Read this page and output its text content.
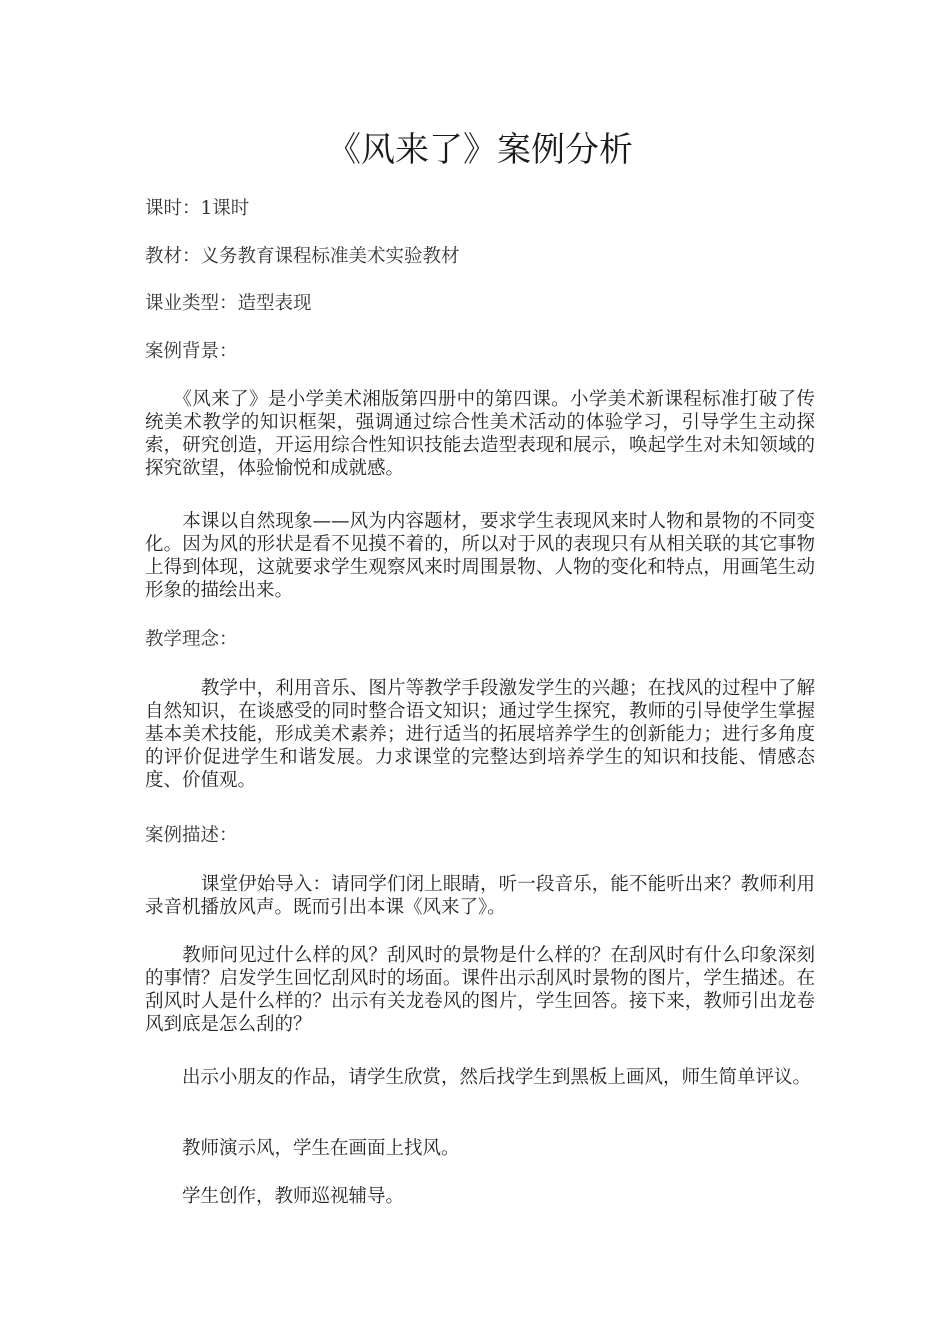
《风来了》案例分析
课时：1课时
教材：义务教育课程标准美术实验教材
课业类型：造型表现
案例背景：
　　《风来了》是小学美术湘版第四册中的第四课。小学美术新课程标准打破了传统美术教学的知识框架，强调通过综合性美术活动的体验学习，引导学生主动探索，研究创造，开运用综合性知识技能去造型表现和展示，唤起学生对未知领域的探究欲望，体验愉悦和成就感。
　　本课以自然现象——风为内容题材，要求学生表现风来时人物和景物的不同变化。因为风的形状是看不见摸不着的，所以对于风的表现只有从相关联的其它事物上得到体现，这就要求学生观察风来时周围景物、人物的变化和特点，用画笔生动形象的描绘出来。
教学理念：
　　　教学中，利用音乐、图片等教学手段激发学生的兴趣；在找风的过程中了解自然知识，在谈感受的同时整合语文知识；通过学生探究，教师的引导使学生掌握基本美术技能，形成美术素养；进行适当的拓展培养学生的创新能力；进行多角度的评价促进学生和谐发展。力求课堂的完整达到培养学生的知识和技能、情感态度、价值观。
案例描述：
　　　课堂伊始导入：请同学们闭上眼睛，听一段音乐，能不能听出来？教师利用录音机播放风声。既而引出本课《风来了》。
　　教师问见过什么样的风？刮风时的景物是什么样的？在刮风时有什么印象深刻的事情？启发学生回忆刮风时的场面。课件出示刮风时景物的图片，学生描述。在刮风时人是什么样的？出示有关龙卷风的图片，学生回答。接下来，教师引出龙卷风到底是怎么刮的？
　　出示小朋友的作品，请学生欣赏，然后找学生到黑板上画风，师生简单评议。
　　教师演示风，学生在画面上找风。
　　学生创作，教师巡视辅导。
